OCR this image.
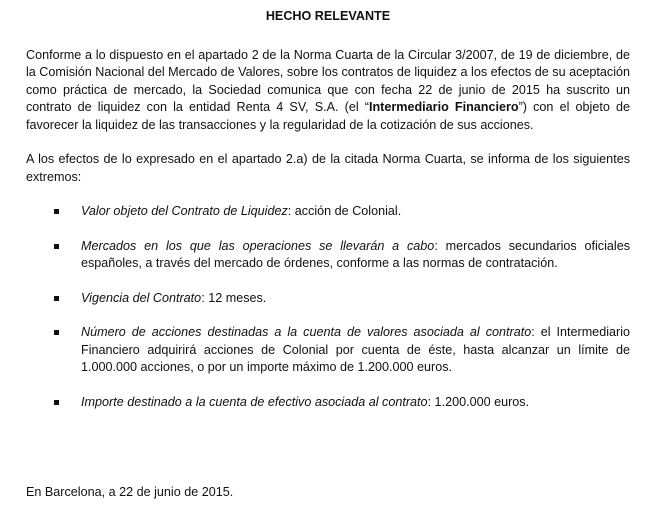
HECHO RELEVANTE

Conforme a lo dispuesto en el apartado 2 de la Norma Cuarta de la Circular 3/2007, de 19 de diciembre, de la Comisión Nacional del Mercado de Valores, sobre los contratos de liquidez a los efectos de su aceptación como práctica de mercado, la Sociedad comunica que con fecha 22 de junio de 2015 ha suscrito un contrato de liquidez con la entidad Renta 4 SV, S.A. (el “Intermediario Financiero”) con el objeto de favorecer la liquidez de las transacciones y la regularidad de la cotización de sus acciones.

A los efectos de lo expresado en el apartado 2.a) de la citada Norma Cuarta, se informa de los siguientes extremos:

Valor objeto del Contrato de Liquidez: acción de Colonial.
Mercados en los que las operaciones se llevarán a cabo: mercados secundarios oficiales españoles, a través del mercado de órdenes, conforme a las normas de contratación.
Vigencia del Contrato: 12 meses.
Número de acciones destinadas a la cuenta de valores asociada al contrato: el Intermediario Financiero adquirirá acciones de Colonial por cuenta de éste, hasta alcanzar un límite de 1.000.000 acciones, o por un importe máximo de 1.200.000 euros.
Importe destinado a la cuenta de efectivo asociada al contrato: 1.200.000 euros.
En Barcelona, a 22 de junio de 2015.
